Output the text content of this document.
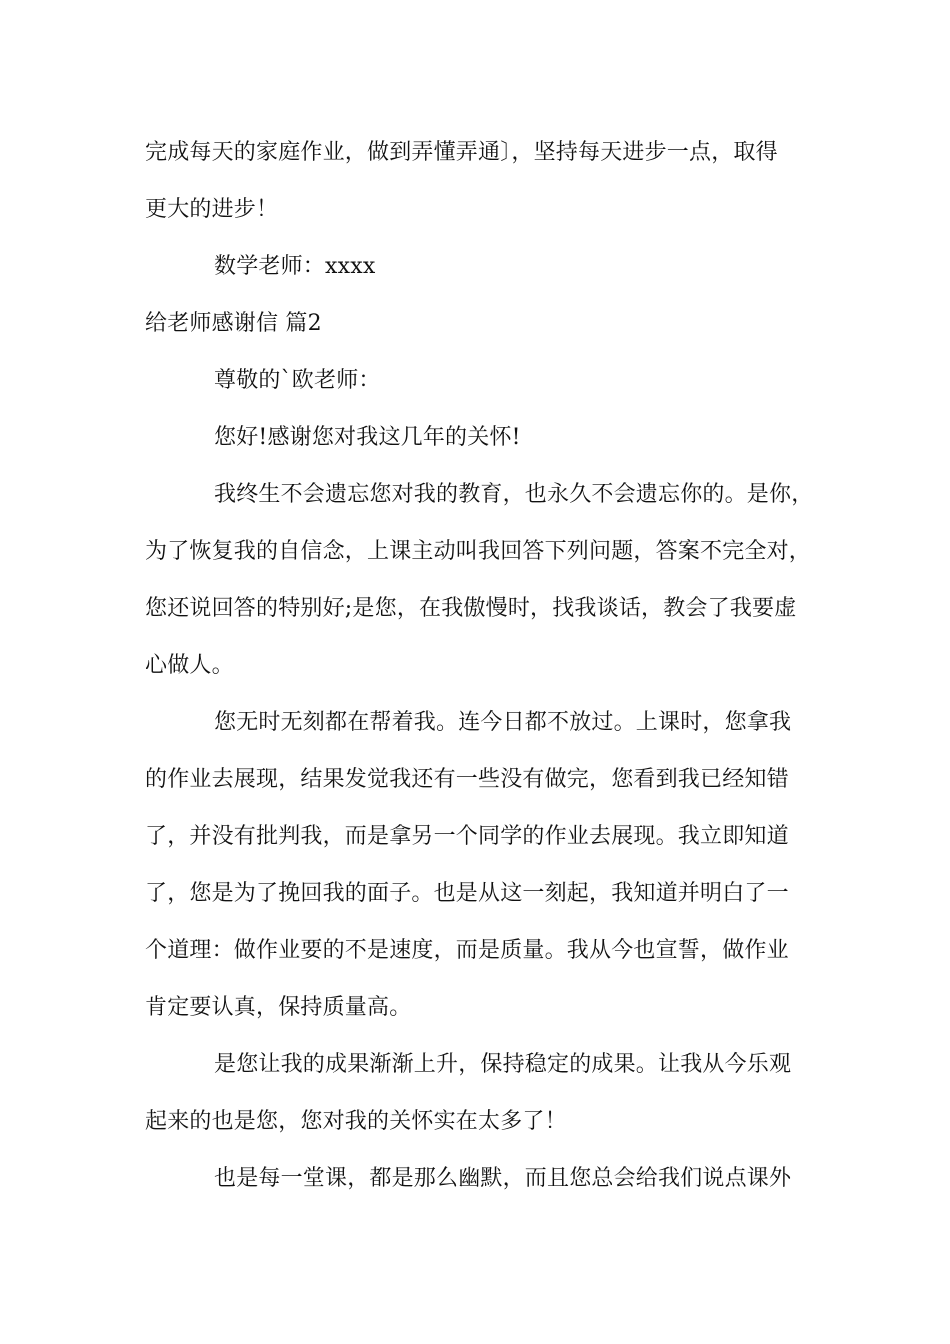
完成每天的家庭作业，做到弄懂弄通〕，坚持每天进步一点，取得
更大的进步！
数学老师：xxxx
给老师感谢信 篇2
尊敬的`欧老师：
您好!感谢您对我这几年的关怀!
我终生不会遗忘您对我的教育，也永久不会遗忘你的。是你，
为了恢复我的自信念，上课主动叫我回答下列问题，答案不完全对，
您还说回答的特别好;是您，在我傲慢时，找我谈话，教会了我要虚
心做人。
您无时无刻都在帮着我。连今日都不放过。上课时，您拿我
的作业去展现，结果发觉我还有一些没有做完，您看到我已经知错
了，并没有批判我，而是拿另一个同学的作业去展现。我立即知道
了，您是为了挽回我的面子。也是从这一刻起，我知道并明白了一
个道理：做作业要的不是速度，而是质量。我从今也宣誓，做作业
肯定要认真，保持质量高。
是您让我的成果渐渐上升，保持稳定的成果。让我从今乐观
起来的也是您，您对我的关怀实在太多了！
也是每一堂课，都是那么幽默，而且您总会给我们说点课外
